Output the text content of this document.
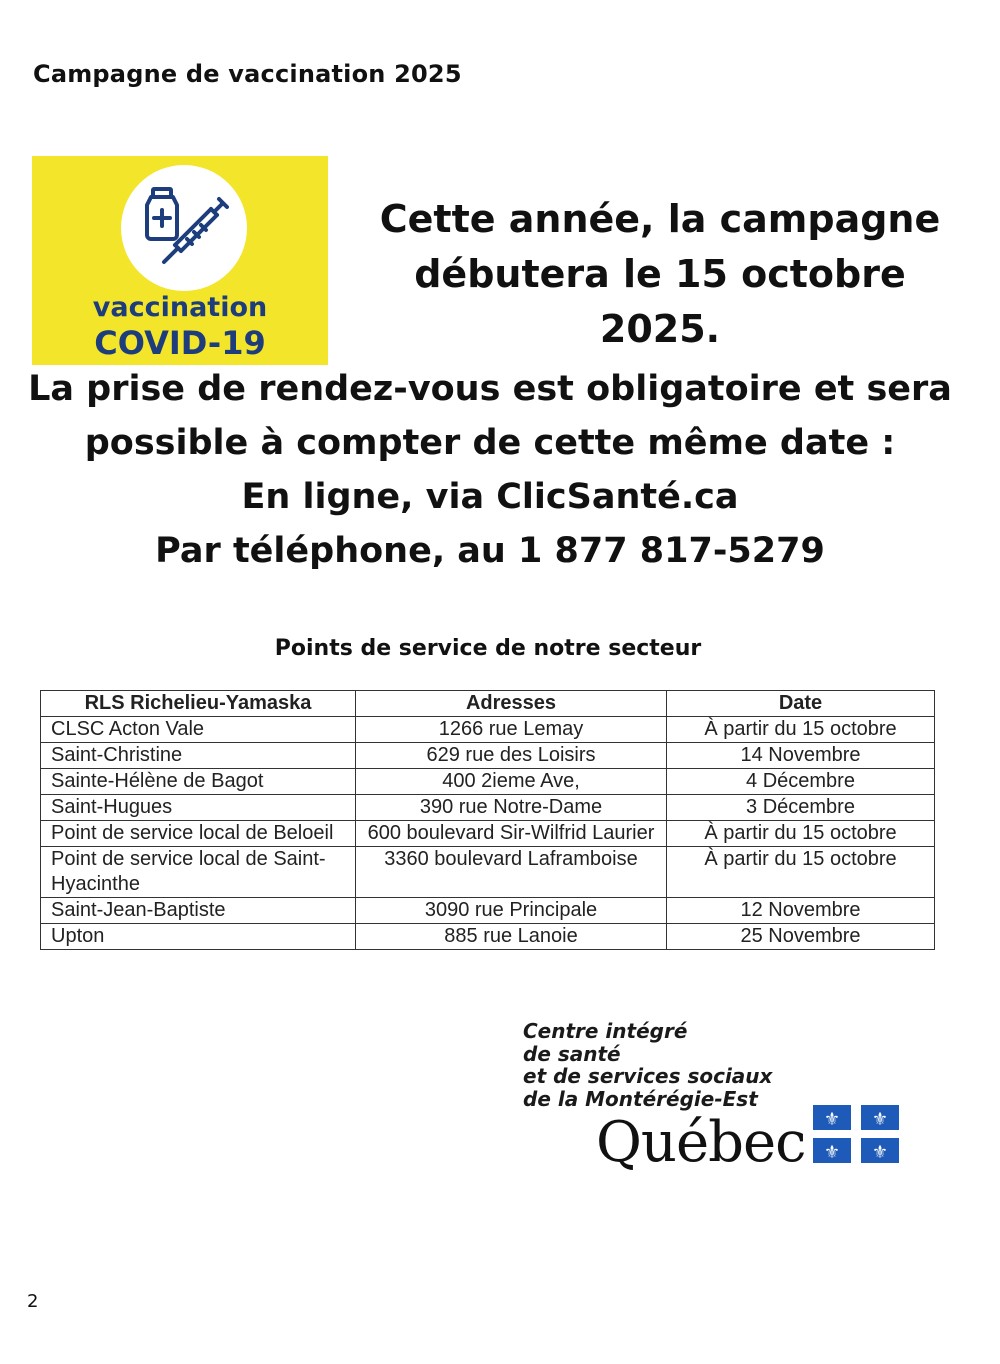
Campagne de vaccination 2025
vaccination
COVID-19
Cette année, la campagne
débutera le 15 octobre 2025.
La prise de rendez-vous est obligatoire et sera
possible à compter de cette même date :
En ligne, via ClicSanté.ca
Par téléphone, au 1 877 817-5279
Points de service de notre secteur
RLS Richelieu-Yamaska	Adresses	Date
CLSC Acton Vale	1266 rue Lemay	À partir du 15 octobre
Saint-Christine	629 rue des Loisirs	14 Novembre
Sainte-Hélène de Bagot	400 2ieme Ave,	4 Décembre
Saint-Hugues	390 rue Notre-Dame	3 Décembre
Point de service local de Beloeil	600 boulevard Sir-Wilfrid Laurier	À partir du 15 octobre
Point de service local de Saint-Hyacinthe	3360 boulevard Laframboise	À partir du 15 octobre
Saint-Jean-Baptiste	3090 rue Principale	12 Novembre
Upton	885 rue Lanoie	25 Novembre
Centre intégré
de santé
et de services sociaux
de la Montérégie-Est
Québec ⚜ ⚜
⚜ ⚜
2
